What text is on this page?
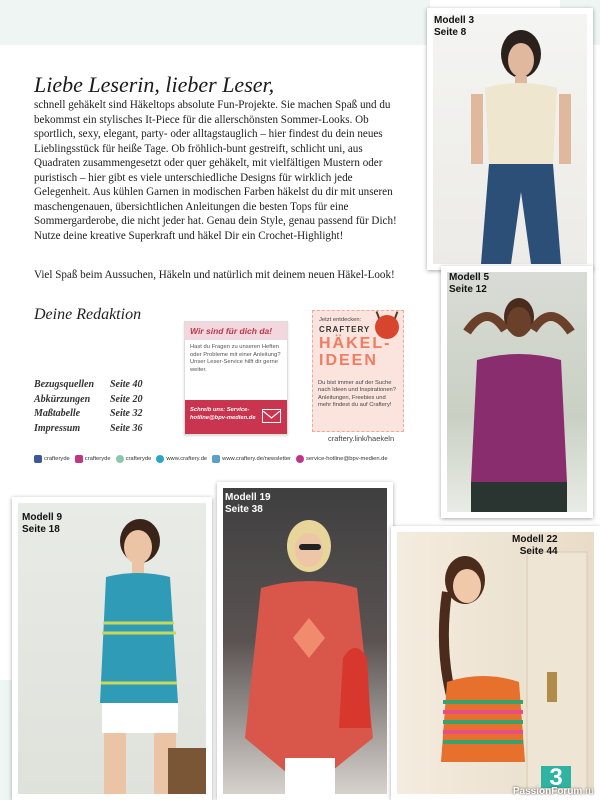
Modell 3
Seite 8
Modell 5
Seite 12
Modell 9
Seite 18
Modell 19
Seite 38
Modell 22
Seite 44
Liebe Leserin, lieber Leser,

schnell gehäkelt sind Häkeltops absolute Fun-Projekte. Sie machen Spaß und du bekommst ein stylisches It-Piece für die allerschönsten Sommer-Looks. Ob sportlich, sexy, elegant, party- oder alltagstauglich – hier findest du dein neues Lieblingsstück für heiße Tage. Ob fröhlich-bunt gestreift, schlicht uni, aus Quadraten zusammengesetzt oder quer gehäkelt, mit vielfältigen Mustern oder puristisch – hier gibt es viele unterschiedliche Designs für wirklich jede Gelegenheit. Aus kühlen Garnen in modischen Farben häkelst du dir mit unseren maschengenauen, übersichtlichen Anleitungen die besten Tops für eine Sommergarderobe, die nicht jeder hat. Genau dein Style, genau passend für Dich! Nutze deine kreative Superkraft und häkel Dir ein Crochet-Highlight!

Viel Spaß beim Aussuchen, Häkeln und natürlich mit deinem neuen Häkel-Look!

Deine Redaktion

Bezugsquellen	Seite 40
Abkürzungen	Seite 20
Maßtabelle	Seite 32
Impressum	Seite 36
Wir sind für dich da!
Hast du Fragen zu unseren Heften oder Probleme mit einer Anleitung? Unser Leser-Service hilft dir gerne weiter.
Schreib uns: Service-hotline@bpv-medien.de
Jetzt entdecken:
CRAFTERY
HÄKEL-
IDEEN
Du bist immer auf der Suche nach Ideen und Inspirationen? Anleitungen, Freebies und mehr findest du auf Craftery!
craftery.link/haekeln
crafteryde	crafteryde	crafteryde	www.craftery.de	www.craftery.de/newsletter	service-hotline@bpv-medien.de
3
PassionForum.ru
